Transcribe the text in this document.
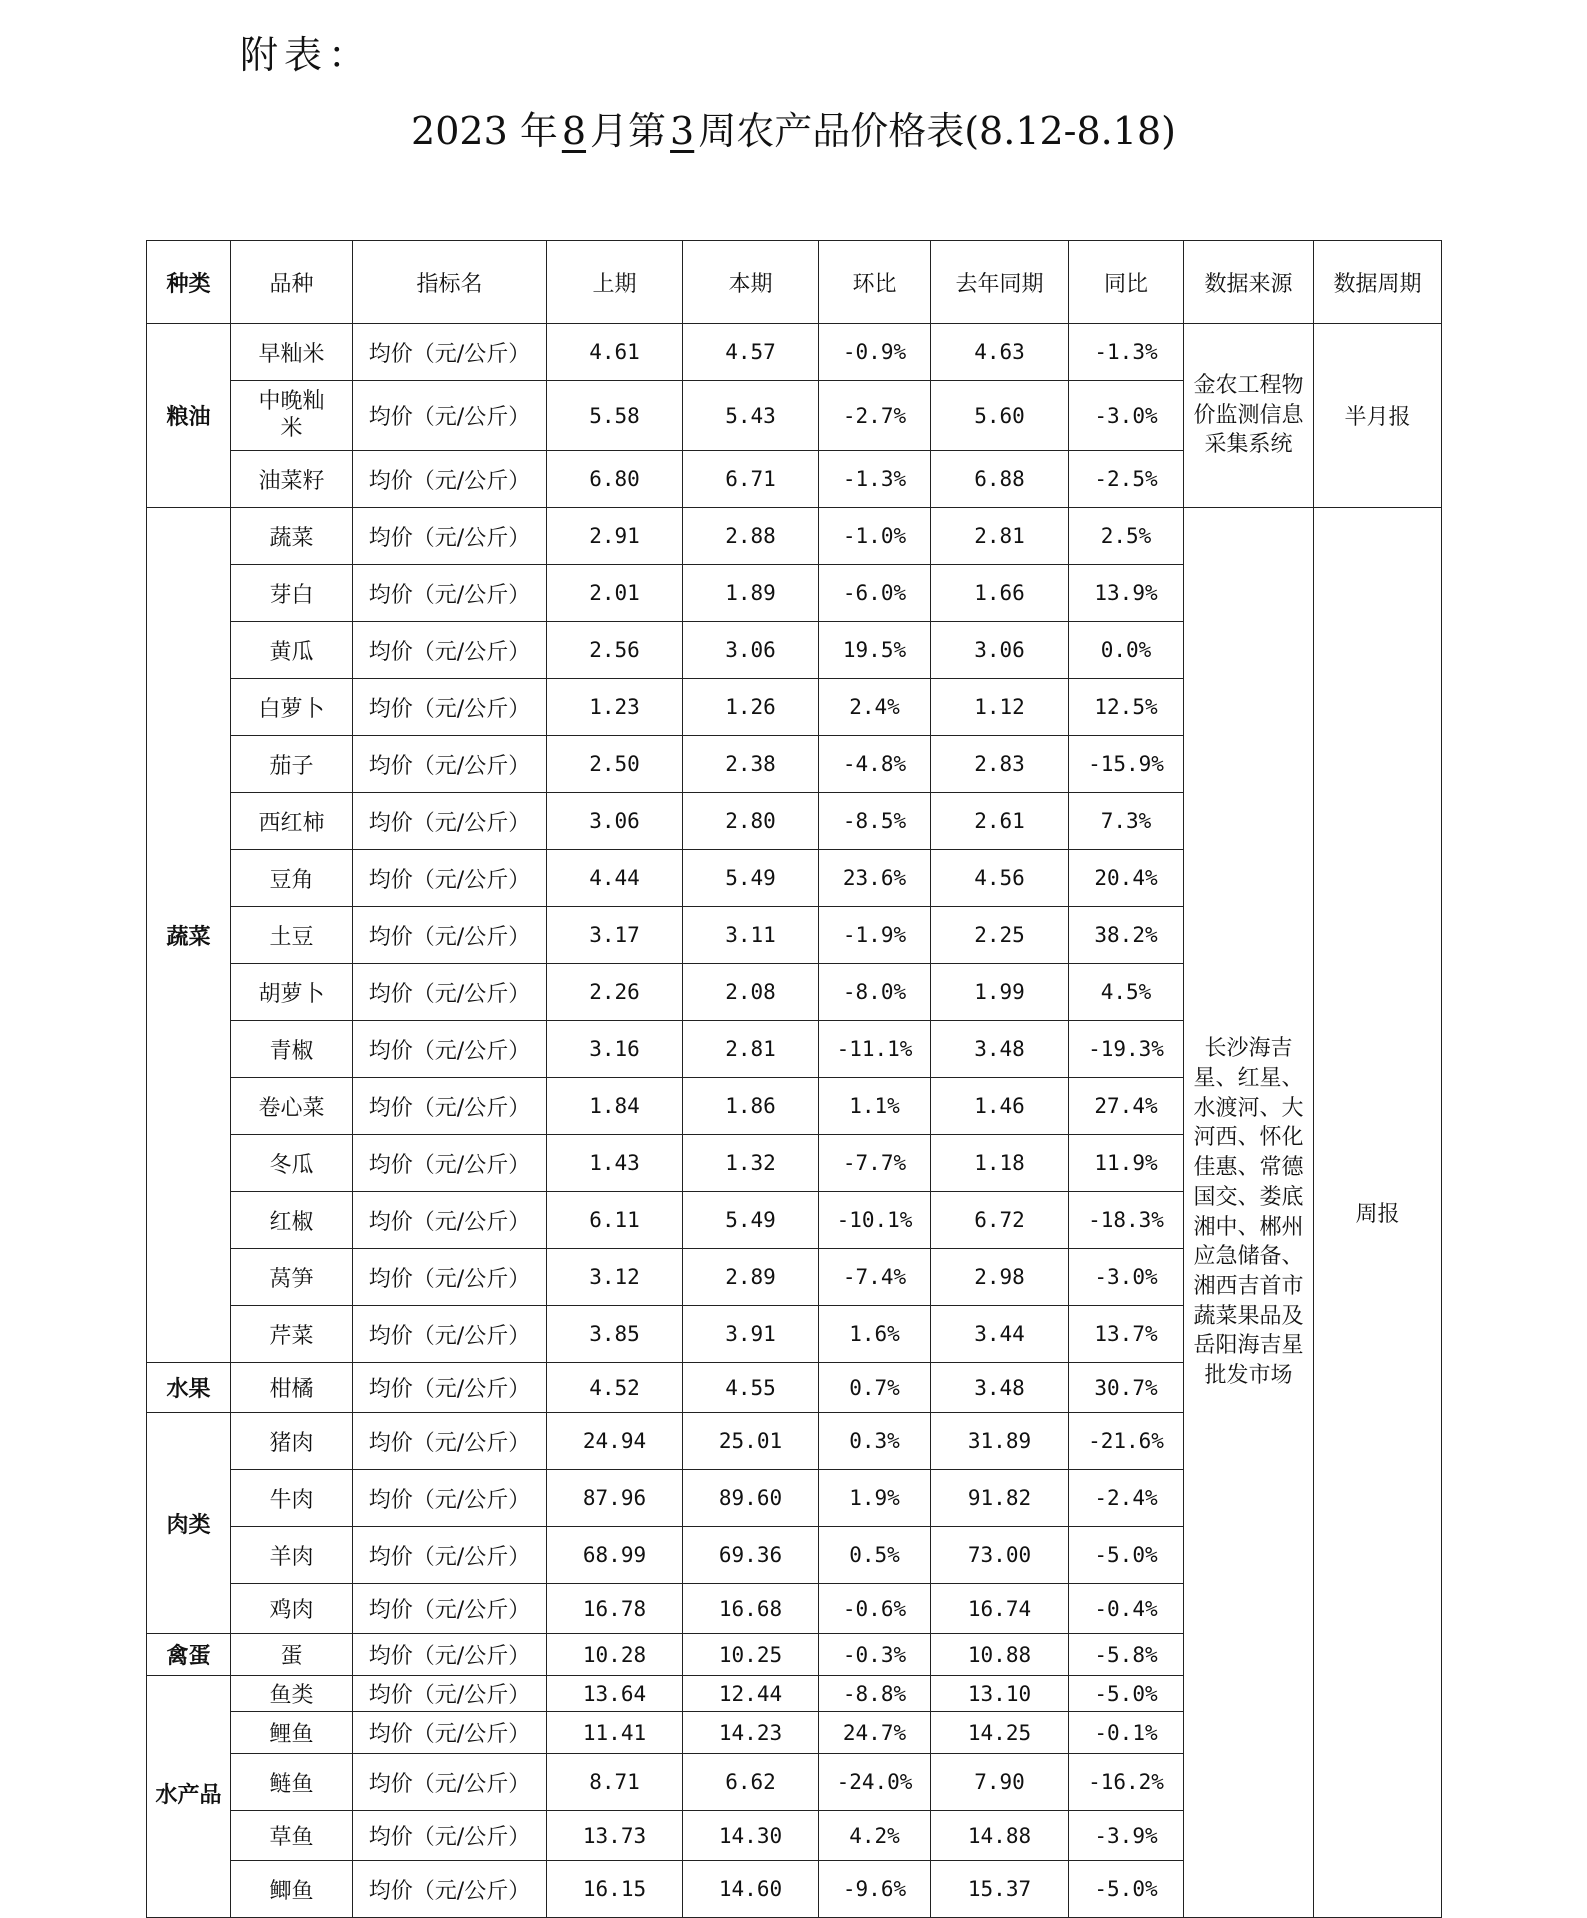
附表：
2023 年 8 月第 3 周农产品价格表(8.12-8.18)
种类	品种	指标名	上期	本期	环比	去年同期	同比	数据来源	数据周期
粮油	早籼米	均价（元/公斤）	4.61	4.57	-0.9%	4.63	-1.3%	金农工程物价监测信息采集系统	半月报
	中晚籼米	均价（元/公斤）	5.58	5.43	-2.7%	5.60	-3.0%		
	油菜籽	均价（元/公斤）	6.80	6.71	-1.3%	6.88	-2.5%		
蔬菜	蔬菜	均价（元/公斤）	2.91	2.88	-1.0%	2.81	2.5%	长沙海吉星、红星、水渡河、大河西、怀化佳惠、常德国交、娄底湘中、郴州应急储备、湘西吉首市蔬菜果品及岳阳海吉星批发市场	周报
	芽白	均价（元/公斤）	2.01	1.89	-6.0%	1.66	13.9%		
	黄瓜	均价（元/公斤）	2.56	3.06	19.5%	3.06	0.0%		
	白萝卜	均价（元/公斤）	1.23	1.26	2.4%	1.12	12.5%		
	茄子	均价（元/公斤）	2.50	2.38	-4.8%	2.83	-15.9%		
	西红柿	均价（元/公斤）	3.06	2.80	-8.5%	2.61	7.3%		
	豆角	均价（元/公斤）	4.44	5.49	23.6%	4.56	20.4%		
	土豆	均价（元/公斤）	3.17	3.11	-1.9%	2.25	38.2%		
	胡萝卜	均价（元/公斤）	2.26	2.08	-8.0%	1.99	4.5%		
	青椒	均价（元/公斤）	3.16	2.81	-11.1%	3.48	-19.3%		
	卷心菜	均价（元/公斤）	1.84	1.86	1.1%	1.46	27.4%		
	冬瓜	均价（元/公斤）	1.43	1.32	-7.7%	1.18	11.9%		
	红椒	均价（元/公斤）	6.11	5.49	-10.1%	6.72	-18.3%		
	莴笋	均价（元/公斤）	3.12	2.89	-7.4%	2.98	-3.0%		
	芹菜	均价（元/公斤）	3.85	3.91	1.6%	3.44	13.7%		
水果	柑橘	均价（元/公斤）	4.52	4.55	0.7%	3.48	30.7%		
肉类	猪肉	均价（元/公斤）	24.94	25.01	0.3%	31.89	-21.6%		
	牛肉	均价（元/公斤）	87.96	89.60	1.9%	91.82	-2.4%		
	羊肉	均价（元/公斤）	68.99	69.36	0.5%	73.00	-5.0%		
	鸡肉	均价（元/公斤）	16.78	16.68	-0.6%	16.74	-0.4%		
禽蛋	蛋	均价（元/公斤）	10.28	10.25	-0.3%	10.88	-5.8%		
水产品	鱼类	均价（元/公斤）	13.64	12.44	-8.8%	13.10	-5.0%		
	鲤鱼	均价（元/公斤）	11.41	14.23	24.7%	14.25	-0.1%		
	鲢鱼	均价（元/公斤）	8.71	6.62	-24.0%	7.90	-16.2%		
	草鱼	均价（元/公斤）	13.73	14.30	4.2%	14.88	-3.9%		
	鲫鱼	均价（元/公斤）	16.15	14.60	-9.6%	15.37	-5.0%		
